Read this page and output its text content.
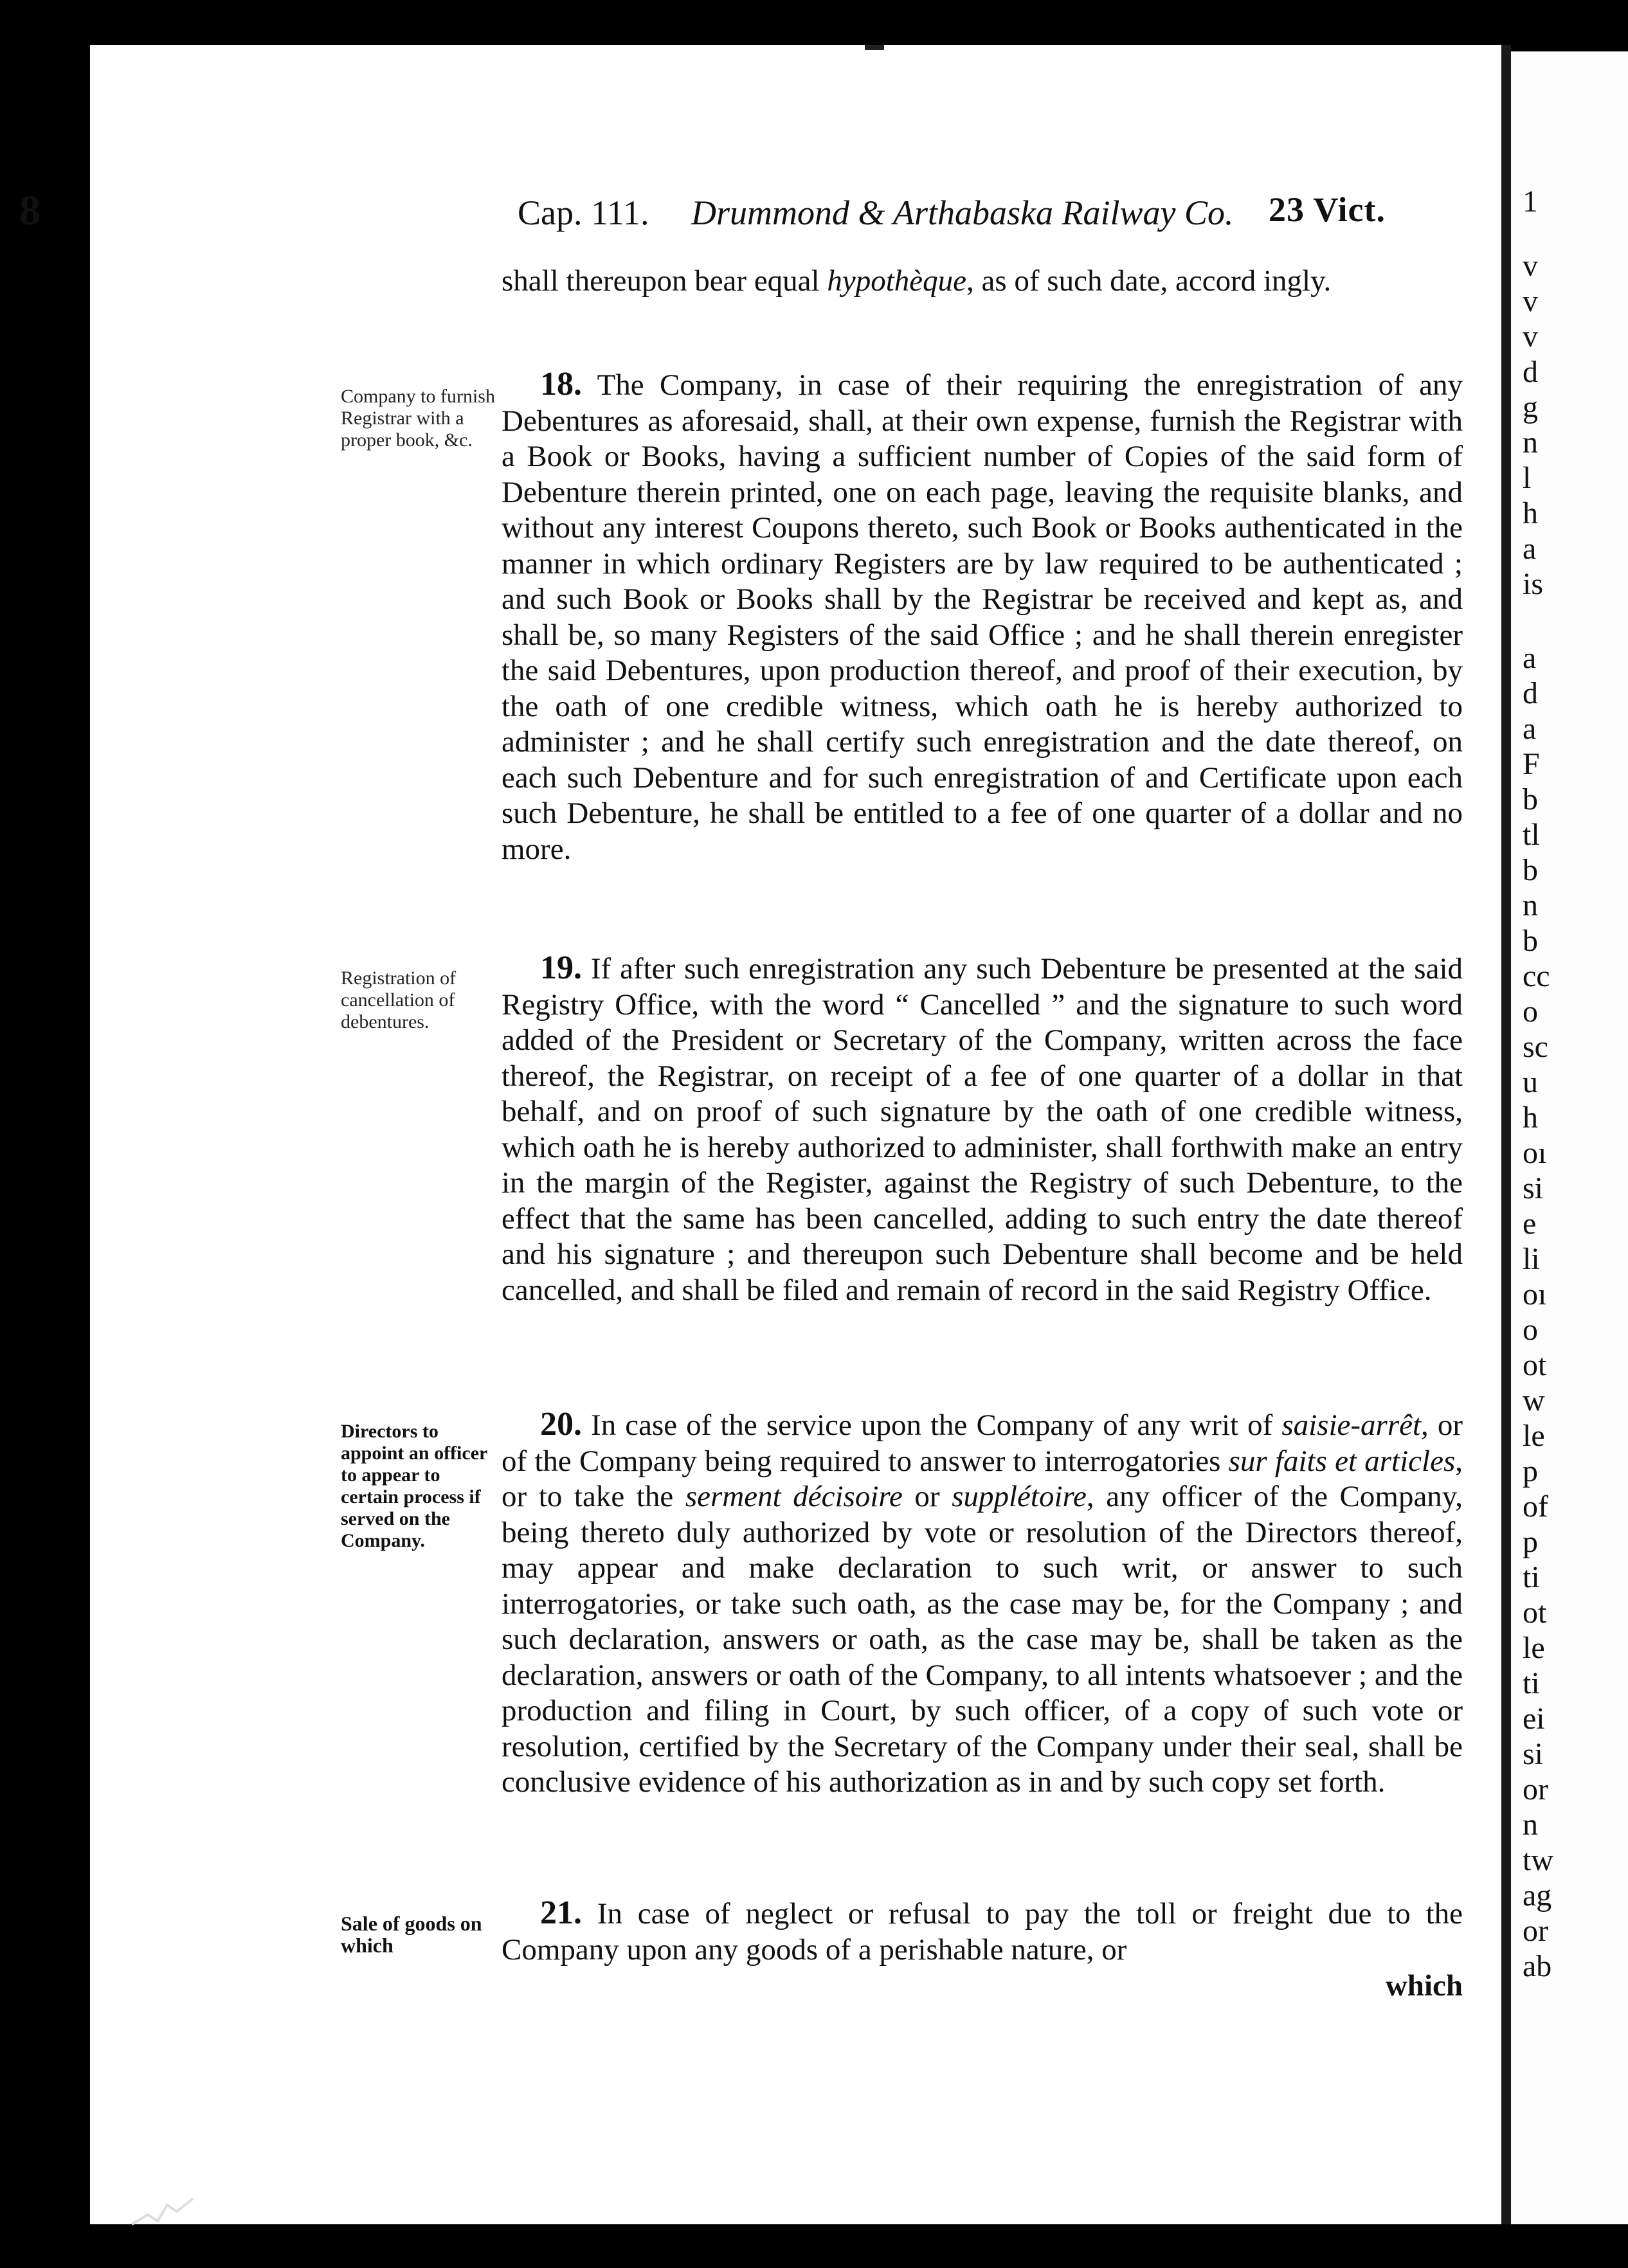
8	Cap. 111. Drummond & Arthabaska Railway Co. 23 Vict.

shall thereupon bear equal hypothèque, as of such date, accord ingly.

Company to furnish Registrar with a proper book, &c.

18. The Company, in case of their requiring the enregistration of any Debentures as aforesaid, shall, at their own expense, furnish the Registrar with a Book or Books, having a sufficient number of Copies of the said form of Debenture therein printed, one on each page, leaving the requisite blanks, and without any interest Coupons thereto, such Book or Books authenticated in the manner in which ordinary Registers are by law required to be authenticated ; and such Book or Books shall by the Registrar be received and kept as, and shall be, so many Registers of the said Office ; and he shall therein enregister the said Debentures, upon production thereof, and proof of their execution, by the oath of one credible witness, which oath he is hereby authorized to administer ; and he shall certify such enregistration and the date thereof, on each such Debenture and for such enregistration of and Certificate upon each such Debenture, he shall be entitled to a fee of one quarter of a dollar and no more.

Registration of cancellation of debentures.

19. If after such enregistration any such Debenture be presented at the said Registry Office, with the word “ Cancelled ” and the signature to such word added of the President or Secretary of the Company, written across the face thereof, the Registrar, on receipt of a fee of one quarter of a dollar in that behalf, and on proof of such signature by the oath of one credible witness, which oath he is hereby authorized to administer, shall forthwith make an entry in the margin of the Register, against the Registry of such Debenture, to the effect that the same has been cancelled, adding to such entry the date thereof and his signature ; and thereupon such Debenture shall become and be held cancelled, and shall be filed and remain of record in the said Registry Office.

Directors to appoint an officer to appear to certain process if served on the Company.

20. In case of the service upon the Company of any writ of saisie-arrêt, or of the Company being required to answer to interrogatories sur faits et articles, or to take the serment décisoire or supplétoire, any officer of the Company, being thereto duly authorized by vote or resolution of the Directors thereof, may appear and make declaration to such writ, or answer to such interrogatories, or take such oath, as the case may be, for the Company ; and such declaration, answers or oath, as the case may be, shall be taken as the declaration, answers or oath of the Company, to all intents whatsoever ; and the production and filing in Court, by such officer, of a copy of such vote or resolution, certified by the Secretary of the Company under their seal, shall be conclusive evidence of his authorization as in and by such copy set forth.

Sale of goods on which

21. In case of neglect or refusal to pay the toll or freight due to the Company upon any goods of a perishable nature, or

which

1
v
v
v
d
g
n
l
h
a
is
a
d
a
F
b
tl
b
n
b
cc
o
sc
u
h
oı
si
e
li
oı
o
ot
w
le
p
of
p
ti
ot
le
ti
ei
si
or
n
tw
ag
or
ab
